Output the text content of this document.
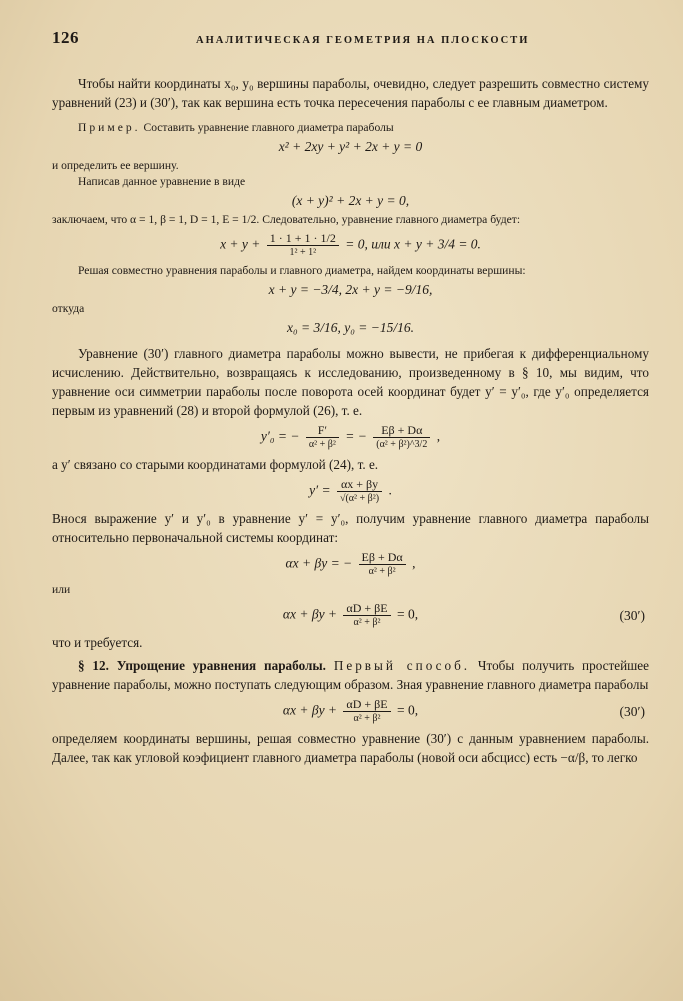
126	АНАЛИТИЧЕСКАЯ ГЕОМЕТРИЯ НА ПЛОСКОСТИ

Чтобы найти координаты x₀, y₀ вершины параболы, очевидно, следует разрешить совместно систему уравнений (23) и (30′), так как вершина есть точка пересечения параболы с ее главным диаметром.

Пример. Составить уравнение главного диаметра параболы

x² + 2xy + y² + 2x + y = 0

и определить ее вершину.

Написав данное уравнение в виде

(x + y)² + 2x + y = 0,

заключаем, что α = 1, β = 1, D = 1, E = 1/2. Следовательно, уравнение главного диаметра будет:

$x + y + \frac{1 \cdot 1 + 1 \cdot 1/2}{\text{1² + 1²}} = 0$, или x + y + 3/4 = 0.

Решая совместно уравнения параболы и главного диаметра, найдем координаты вершины:

x + y = −3/4, 2x + y = −9/16,

откуда

x₀ = 3/16, y₀ = −15/16.

Уравнение (30′) главного диаметра параболы можно вывести, не прибегая к дифференциальному исчислению. Действительно, возвращаясь к исследованию, произведенному в § 10, мы видим, что уравнение оси симметрии параболы после поворота осей координат будет y′ = y′₀, где y′₀ определяется первым из уравнений (28) и второй формулой (26), т. е.

y′₀ = − $\frac{F'}{\text{α² + β²}}$ = − $\frac{E\beta + D\alpha}{\text{(α² + β²)\textasciicircum{}3/2}}$ ,

а y′ связано со старыми координатами формулой (24), т. е.

$y' = \frac{\alpha x + \beta y}{\text{√(α² + β²)}}$ .

Внося выражение y′ и y′₀ в уравнение y′ = y′₀, получим уравнение главного диаметра параболы относительно первоначальной системы координат:

αx + βy = − $\frac{E\beta + D\alpha}{\text{α² + β²}}$ ,

или

$\alpha x + \beta y + \frac{\alpha D + \beta E}{\text{α² + β²}} = 0$,	(30′)

что и требуется.

§ 12. Упрощение уравнения параболы. Первый способ. Чтобы получить простейшее уравнение параболы, можно поступать следующим образом. Зная уравнение главного диаметра параболы

$\alpha x + \beta y + \frac{\alpha D + \beta E}{\text{α² + β²}} = 0$,	(30′)

определяем координаты вершины, решая совместно уравнение (30′) с данным уравнением параболы. Далее, так как угловой коэфициент главного диаметра параболы (новой оси абсцисс) есть −α/β, то легко
